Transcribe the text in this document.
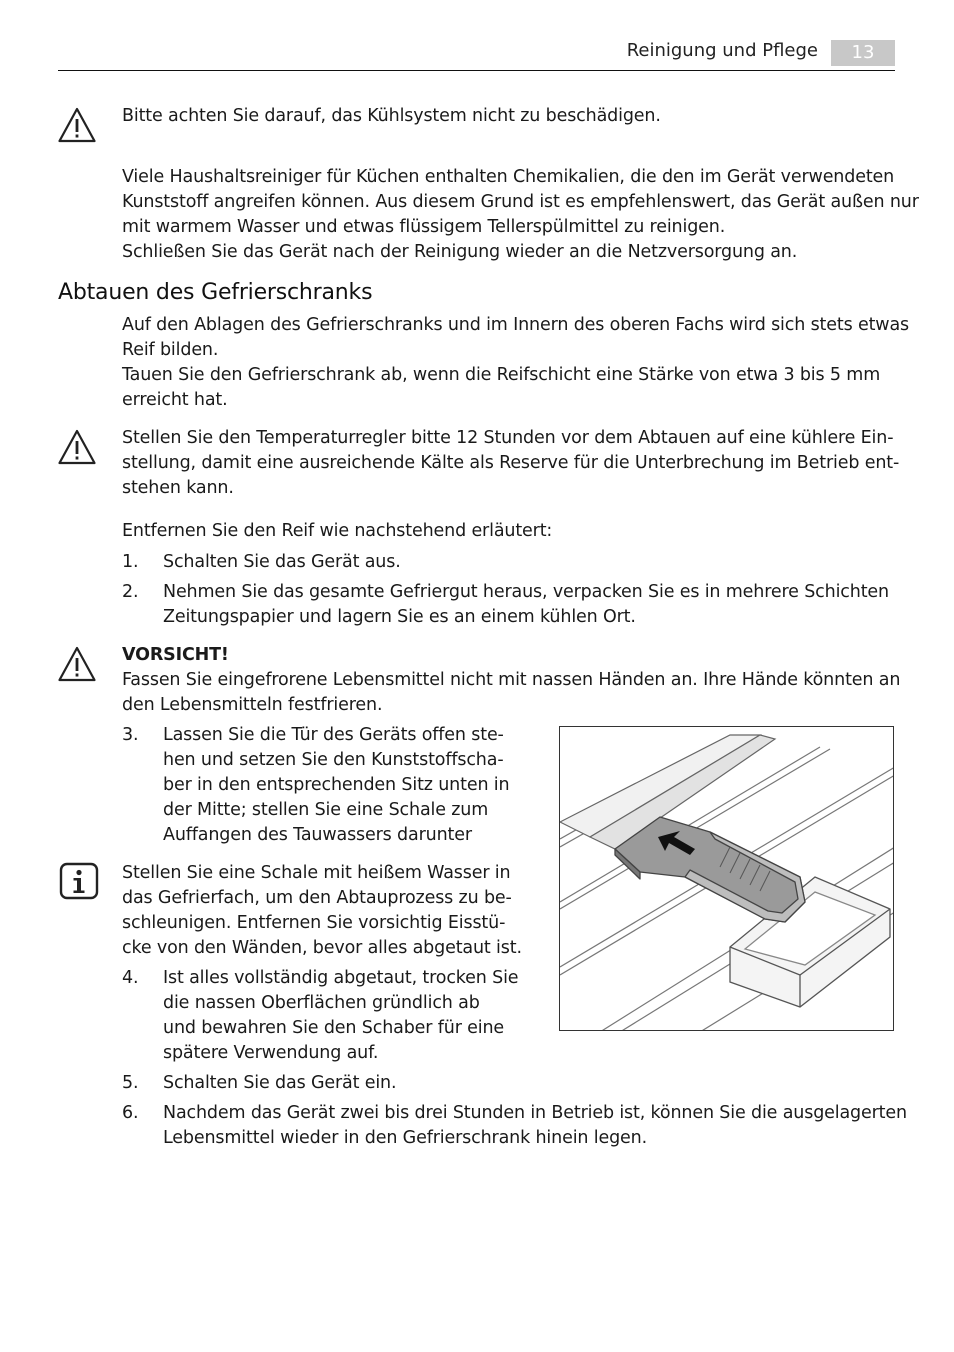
Reinigung und Pflege	13
Bitte achten Sie darauf, das Kühlsystem nicht zu beschädigen.
Viele Haushaltsreiniger für Küchen enthalten Chemikalien, die den im Gerät verwendeten
Kunststoff angreifen können. Aus diesem Grund ist es empfehlenswert, das Gerät außen nur
mit warmem Wasser und etwas flüssigem Tellerspülmittel zu reinigen.
Schließen Sie das Gerät nach der Reinigung wieder an die Netzversorgung an.
Abtauen des Gefrierschranks
Auf den Ablagen des Gefrierschranks und im Innern des oberen Fachs wird sich stets etwas
Reif bilden.
Tauen Sie den Gefrierschrank ab, wenn die Reifschicht eine Stärke von etwa 3 bis 5 mm
erreicht hat.
Stellen Sie den Temperaturregler bitte 12 Stunden vor dem Abtauen auf eine kühlere Ein-
stellung, damit eine ausreichende Kälte als Reserve für die Unterbrechung im Betrieb ent-
stehen kann.
Entfernen Sie den Reif wie nachstehend erläutert:
1.	Schalten Sie das Gerät aus.
2.	Nehmen Sie das gesamte Gefriergut heraus, verpacken Sie es in mehrere Schichten
Zeitungspapier und lagern Sie es an einem kühlen Ort.
VORSICHT!
Fassen Sie eingefrorene Lebensmittel nicht mit nassen Händen an. Ihre Hände könnten an
den Lebensmitteln festfrieren.
3.	Lassen Sie die Tür des Geräts offen ste-
hen und setzen Sie den Kunststoffscha-
ber in den entsprechenden Sitz unten in
der Mitte; stellen Sie eine Schale zum
Auffangen des Tauwassers darunter
Stellen Sie eine Schale mit heißem Wasser in
das Gefrierfach, um den Abtauprozess zu be-
schleunigen. Entfernen Sie vorsichtig Eisstü-
cke von den Wänden, bevor alles abgetaut ist.
4.	Ist alles vollständig abgetaut, trocken Sie
die nassen Oberflächen gründlich ab
und bewahren Sie den Schaber für eine
spätere Verwendung auf.
5.	Schalten Sie das Gerät ein.
6.	Nachdem das Gerät zwei bis drei Stunden in Betrieb ist, können Sie die ausgelagerten
Lebensmittel wieder in den Gefrierschrank hinein legen.
